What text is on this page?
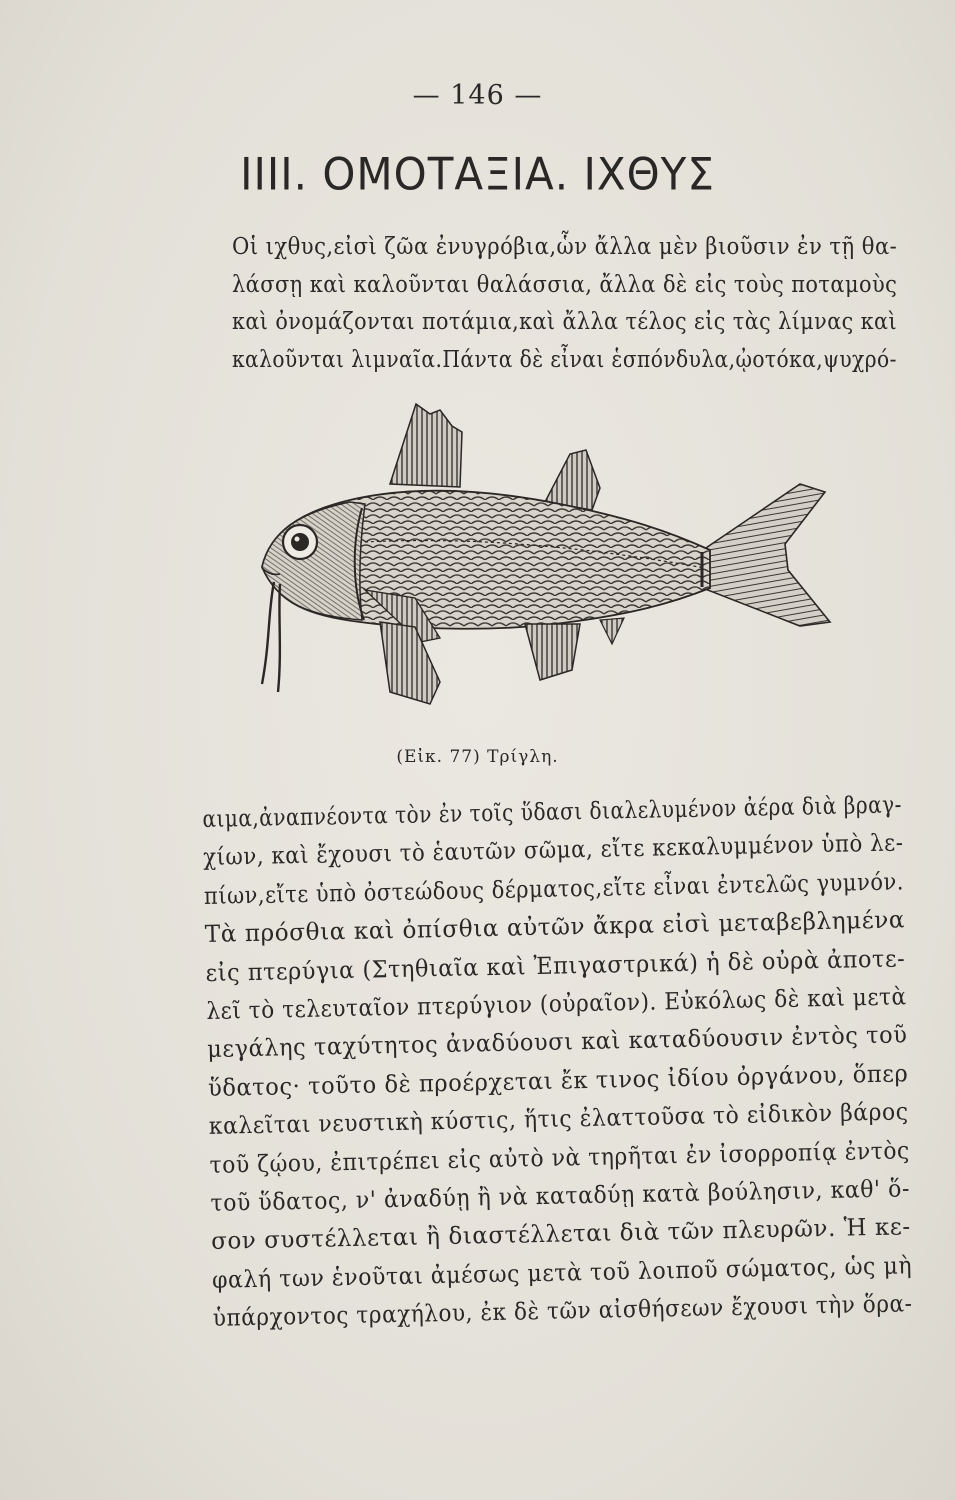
— 146 —
IIII. ΟΜΟΤΑΞΙΑ. ΙΧΘΥΣ
Οἱ ιχθυς,εἰσὶ ζῶα ἐνυγρόβια,ὧν ἄλλα μὲν βιοῦσιν ἐν τῇ θα-
λάσσῃ καὶ καλοῦνται θαλάσσια, ἄλλα δὲ εἰς τοὺς ποταμοὺς
καὶ ὀνομάζονται ποτάμια,καὶ ἄλλα τέλος εἰς τὰς λίμνας καὶ
καλοῦνται λιμναῖα.Πάντα δὲ εἶναι ἑσπόνδυλα,ᾠοτόκα,ψυχρό-
(Εἰκ. 77) Τρίγλη.
αιμα,ἀναπνέοντα τὸν ἐν τοῖς ὕδασι διαλελυμένον ἀέρα διὰ βραγ-
χίων, καὶ ἔχουσι τὸ ἑαυτῶν σῶμα, εἴτε κεκαλυμμένον ὑπὸ λε-
πίων,εἴτε ὑπὸ ὀστεώδους δέρματος,εἴτε εἶναι ἐντελῶς γυμνόν.
Τὰ πρόσθια καὶ ὀπίσθια αὐτῶν ἄκρα εἰσὶ μεταβεβλημένα
εἰς πτερύγια (Στηθιαῖα καὶ Ἐπιγαστρικά) ἡ δὲ οὐρὰ ἀποτε-
λεῖ τὸ τελευταῖον πτερύγιον (οὐραῖον). Εὐκόλως δὲ καὶ μετὰ
μεγάλης ταχύτητος ἀναδύουσι καὶ καταδύουσιν ἐντὸς τοῦ
ὕδατος· τοῦτο δὲ προέρχεται ἔκ τινος ἰδίου ὀργάνου, ὅπερ
καλεῖται νευστικὴ κύστις, ἥτις ἐλαττοῦσα τὸ εἰδικὸν βάρος
τοῦ ζῴου, ἐπιτρέπει εἰς αὐτὸ νὰ τηρῆται ἐν ἰσορροπίᾳ ἐντὸς
τοῦ ὕδατος, ν' ἀναδύῃ ἢ νὰ καταδύῃ κατὰ βούλησιν, καθ' ὅ-
σον συστέλλεται ἢ διαστέλλεται διὰ τῶν πλευρῶν. Ἡ κε-
φαλή των ἑνοῦται ἀμέσως μετὰ τοῦ λοιποῦ σώματος, ὡς μὴ
ὑπάρχοντος τραχήλου, ἐκ δὲ τῶν αἰσθήσεων ἔχουσι τὴν ὅρα-
